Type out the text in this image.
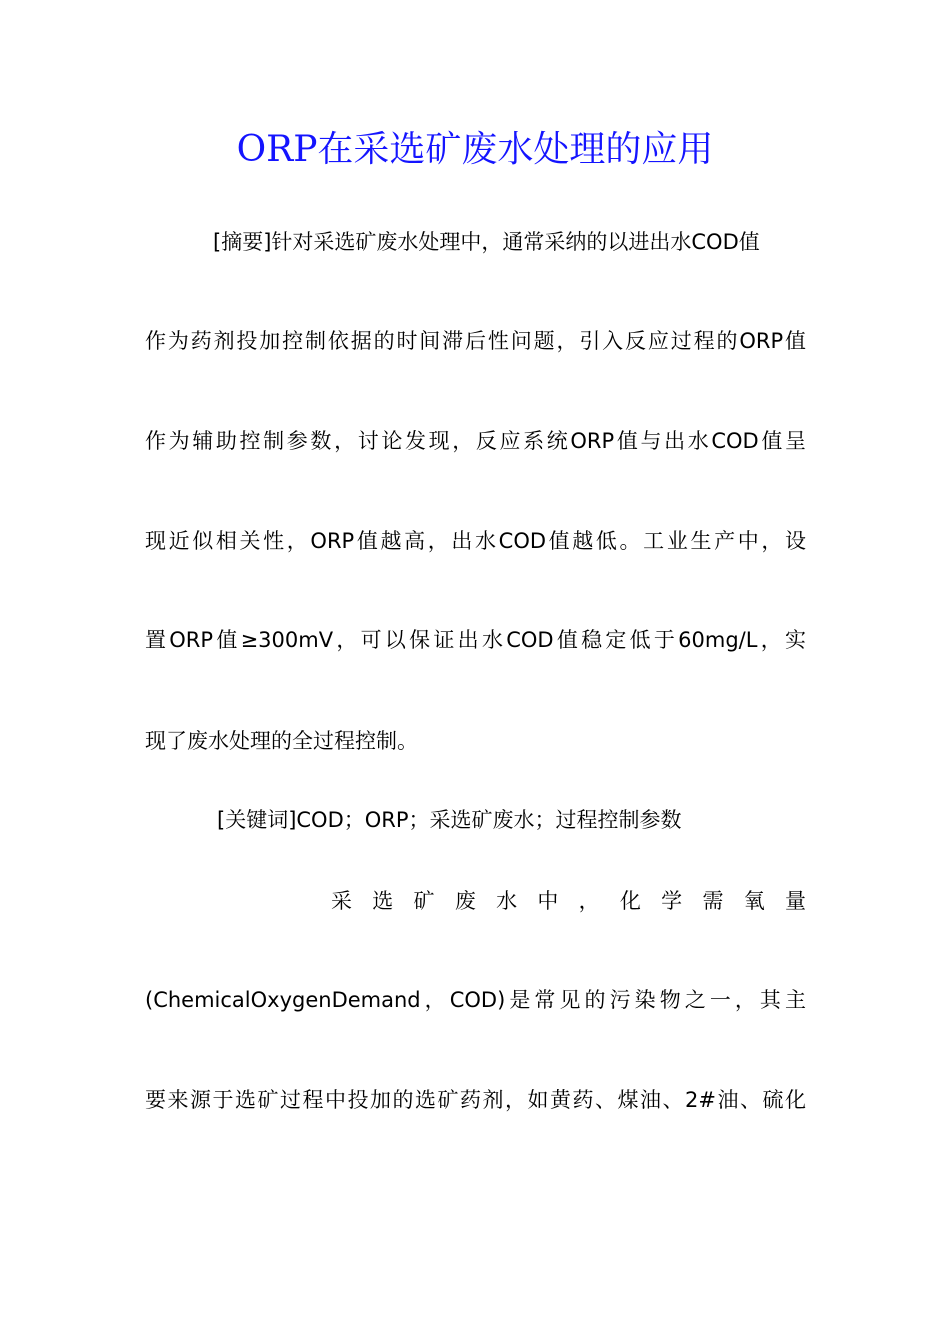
ORP在采选矿废水处理的应用
[摘要]针对采选矿废水处理中，通常采纳的以进出水COD值
作为药剂投加控制依据的时间滞后性问题，引入反应过程的ORP值
作为辅助控制参数，讨论发现，反应系统ORP值与出水COD值呈
现近似相关性，ORP值越高，出水COD值越低。工业生产中，设
置ORP值≥300mV，可以保证出水COD值稳定低于60mg/L，实
现了废水处理的全过程控制。
[关键词]COD；ORP；采选矿废水；过程控制参数
采选矿废水中，化学需氧量
(ChemicalOxygenDemand，COD)是常见的污染物之一，其主
要来源于选矿过程中投加的选矿药剂，如黄药、煤油、2#油、硫化
